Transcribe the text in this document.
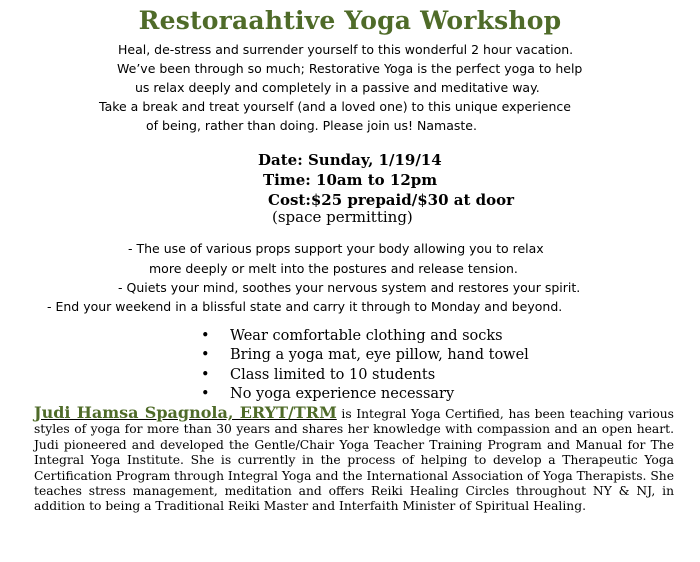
Restoraahtive Yoga Workshop
Heal, de-stress and surrender yourself to this wonderful 2 hour vacation.
We’ve been through so much; Restorative Yoga is the perfect yoga to help
us relax deeply and completely in a passive and meditative way.
Take a break and treat yourself (and a loved one) to this unique experience
of being, rather than doing. Please join us! Namaste.
Date: Sunday, 1/19/14
Time: 10am to 12pm
Cost:$25 prepaid/$30 at door
(space permitting)
- The use of various props support your body allowing you to relax
more deeply or melt into the postures and release tension.
- Quiets your mind, soothes your nervous system and restores your spirit.
- End your weekend in a blissful state and carry it through to Monday and beyond.
• Wear comfortable clothing and socks
• Bring a yoga mat, eye pillow, hand towel
• Class limited to 10 students
• No yoga experience necessary
Judi Hamsa Spagnola, ERYT/TRM is Integral Yoga Certified, has been teaching various styles of yoga for more than 30 years and shares her knowledge with compassion and an open heart. Judi pioneered and developed the Gentle/Chair Yoga Teacher Training Program and Manual for The Integral Yoga Institute. She is currently in the process of helping to develop a Therapeutic Yoga Certification Program through Integral Yoga and the International Association of Yoga Therapists. She teaches stress management, meditation and offers Reiki Healing Circles throughout NY & NJ, in addition to being a Traditional Reiki Master and Interfaith Minister of Spiritual Healing.
